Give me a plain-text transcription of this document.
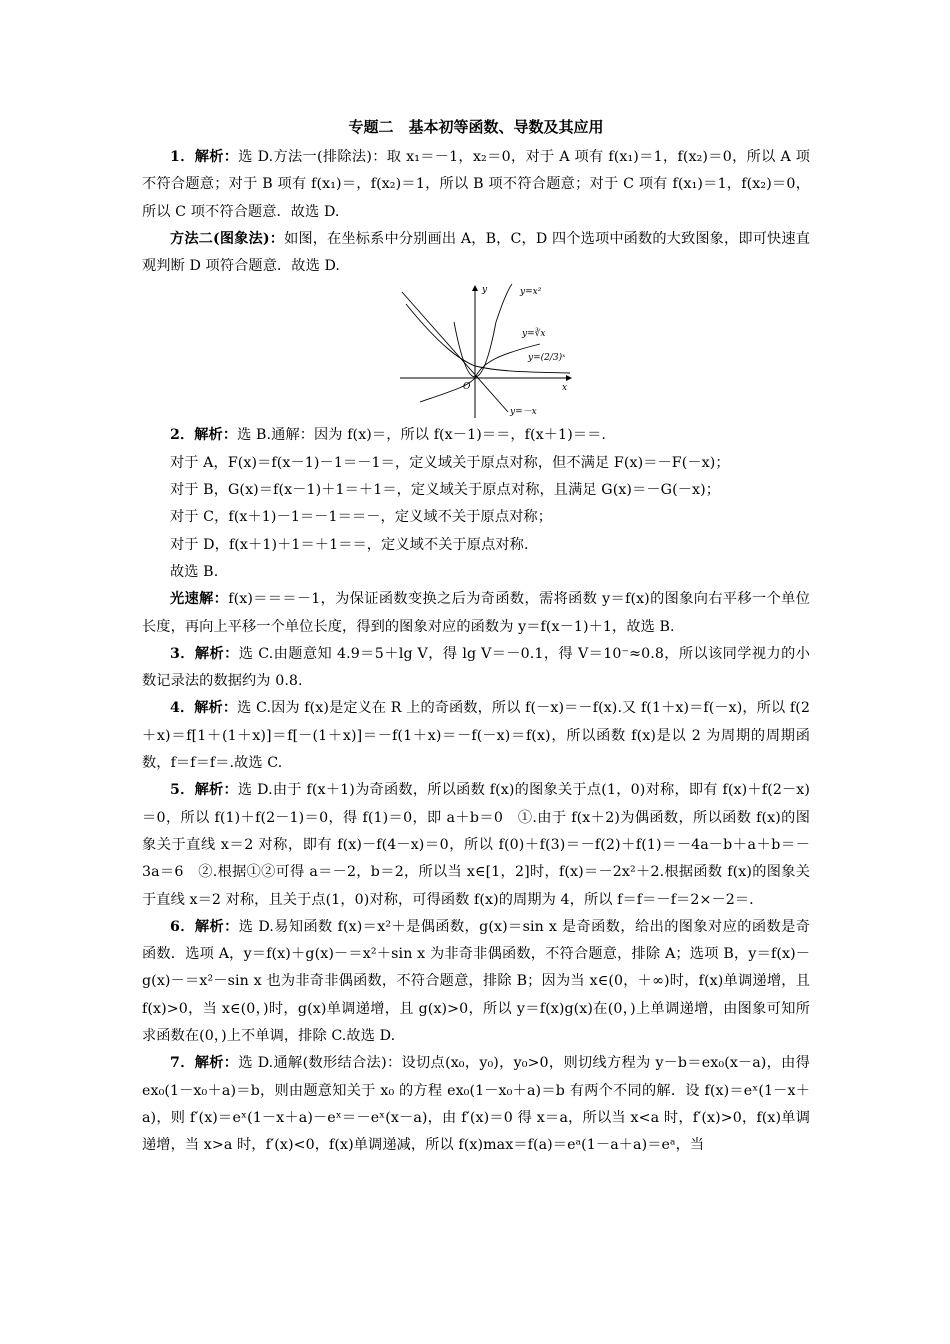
专题二　基本初等函数、导数及其应用

1．解析：选 D.方法一(排除法)：取 x₁＝－1，x₂＝0，对于 A 项有 f(x₁)＝1，f(x₂)＝0，所以 A 项不符合题意；对于 B 项有 f(x₁)＝，f(x₂)＝1，所以 B 项不符合题意；对于 C 项有 f(x₁)＝1，f(x₂)＝0，所以 C 项不符合题意．故选 D.

方法二(图象法)：如图，在坐标系中分别画出 A，B，C，D 四个选项中函数的大致图象，即可快速直观判断 D 项符合题意．故选 D.

y
x
O
y=x²
y=∛x
y=(2/3)ˣ
y=－x

2．解析：选 B.通解：因为 f(x)＝，所以 f(x－1)＝＝，f(x＋1)＝＝.

对于 A，F(x)＝f(x－1)－1＝－1＝，定义域关于原点对称，但不满足 F(x)＝－F(－x)；

对于 B，G(x)＝f(x－1)＋1＝＋1＝，定义域关于原点对称，且满足 G(x)＝－G(－x)；

对于 C，f(x＋1)－1＝－1＝＝－，定义域不关于原点对称；

对于 D，f(x＋1)＋1＝＋1＝＝，定义域不关于原点对称.

故选 B.

光速解：f(x)＝＝＝－1，为保证函数变换之后为奇函数，需将函数 y＝f(x)的图象向右平移一个单位长度，再向上平移一个单位长度，得到的图象对应的函数为 y＝f(x－1)＋1，故选 B.

3．解析：选 C.由题意知 4.9＝5＋lg V，得 lg V＝－0.1，得 V＝10⁻≈0.8，所以该同学视力的小数记录法的数据约为 0.8.

4．解析：选 C.因为 f(x)是定义在 R 上的奇函数，所以 f(－x)＝－f(x).又 f(1＋x)＝f(－x)，所以 f(2＋x)＝f[1＋(1＋x)]＝f[－(1＋x)]＝－f(1＋x)＝－f(－x)＝f(x)，所以函数 f(x)是以 2 为周期的周期函数，f＝f＝f＝.故选 C.

5．解析：选 D.由于 f(x＋1)为奇函数，所以函数 f(x)的图象关于点(1，0)对称，即有 f(x)＋f(2－x)＝0，所以 f(1)＋f(2－1)＝0，得 f(1)＝0，即 a＋b＝0　①.由于 f(x＋2)为偶函数，所以函数 f(x)的图象关于直线 x＝2 对称，即有 f(x)－f(4－x)＝0，所以 f(0)＋f(3)＝－f(2)＋f(1)＝－4a－b＋a＋b＝－3a＝6　②.根据①②可得 a＝－2，b＝2，所以当 x∈[1，2]时，f(x)＝－2x²＋2.根据函数 f(x)的图象关于直线 x＝2 对称，且关于点(1，0)对称，可得函数 f(x)的周期为 4，所以 f＝f＝－f＝2×－2＝.

6．解析：选 D.易知函数 f(x)＝x²＋是偶函数，g(x)＝sin x 是奇函数，给出的图象对应的函数是奇函数．选项 A，y＝f(x)＋g(x)－＝x²＋sin x 为非奇非偶函数，不符合题意，排除 A；选项 B，y＝f(x)－g(x)－＝x²－sin x 也为非奇非偶函数，不符合题意，排除 B；因为当 x∈(0，＋∞)时，f(x)单调递增，且 f(x)>0，当 x∈(0，)时，g(x)单调递增，且 g(x)>0，所以 y＝f(x)g(x)在(0，)上单调递增，由图象可知所求函数在(0，)上不单调，排除 C.故选 D.

7．解析：选 D.通解(数形结合法)：设切点(x₀，y₀)，y₀>0，则切线方程为 y－b＝ex₀(x－a)，由得 ex₀(1－x₀＋a)＝b，则由题意知关于 x₀ 的方程 ex₀(1－x₀＋a)＝b 有两个不同的解．设 f(x)＝eˣ(1－x＋a)，则 f′(x)＝eˣ(1－x＋a)－eˣ＝－eˣ(x－a)，由 f′(x)＝0 得 x＝a，所以当 x<a 时，f′(x)>0，f(x)单调递增，当 x>a 时，f′(x)<0，f(x)单调递减，所以 f(x)max＝f(a)＝eᵃ(1－a＋a)＝eᵃ，当
